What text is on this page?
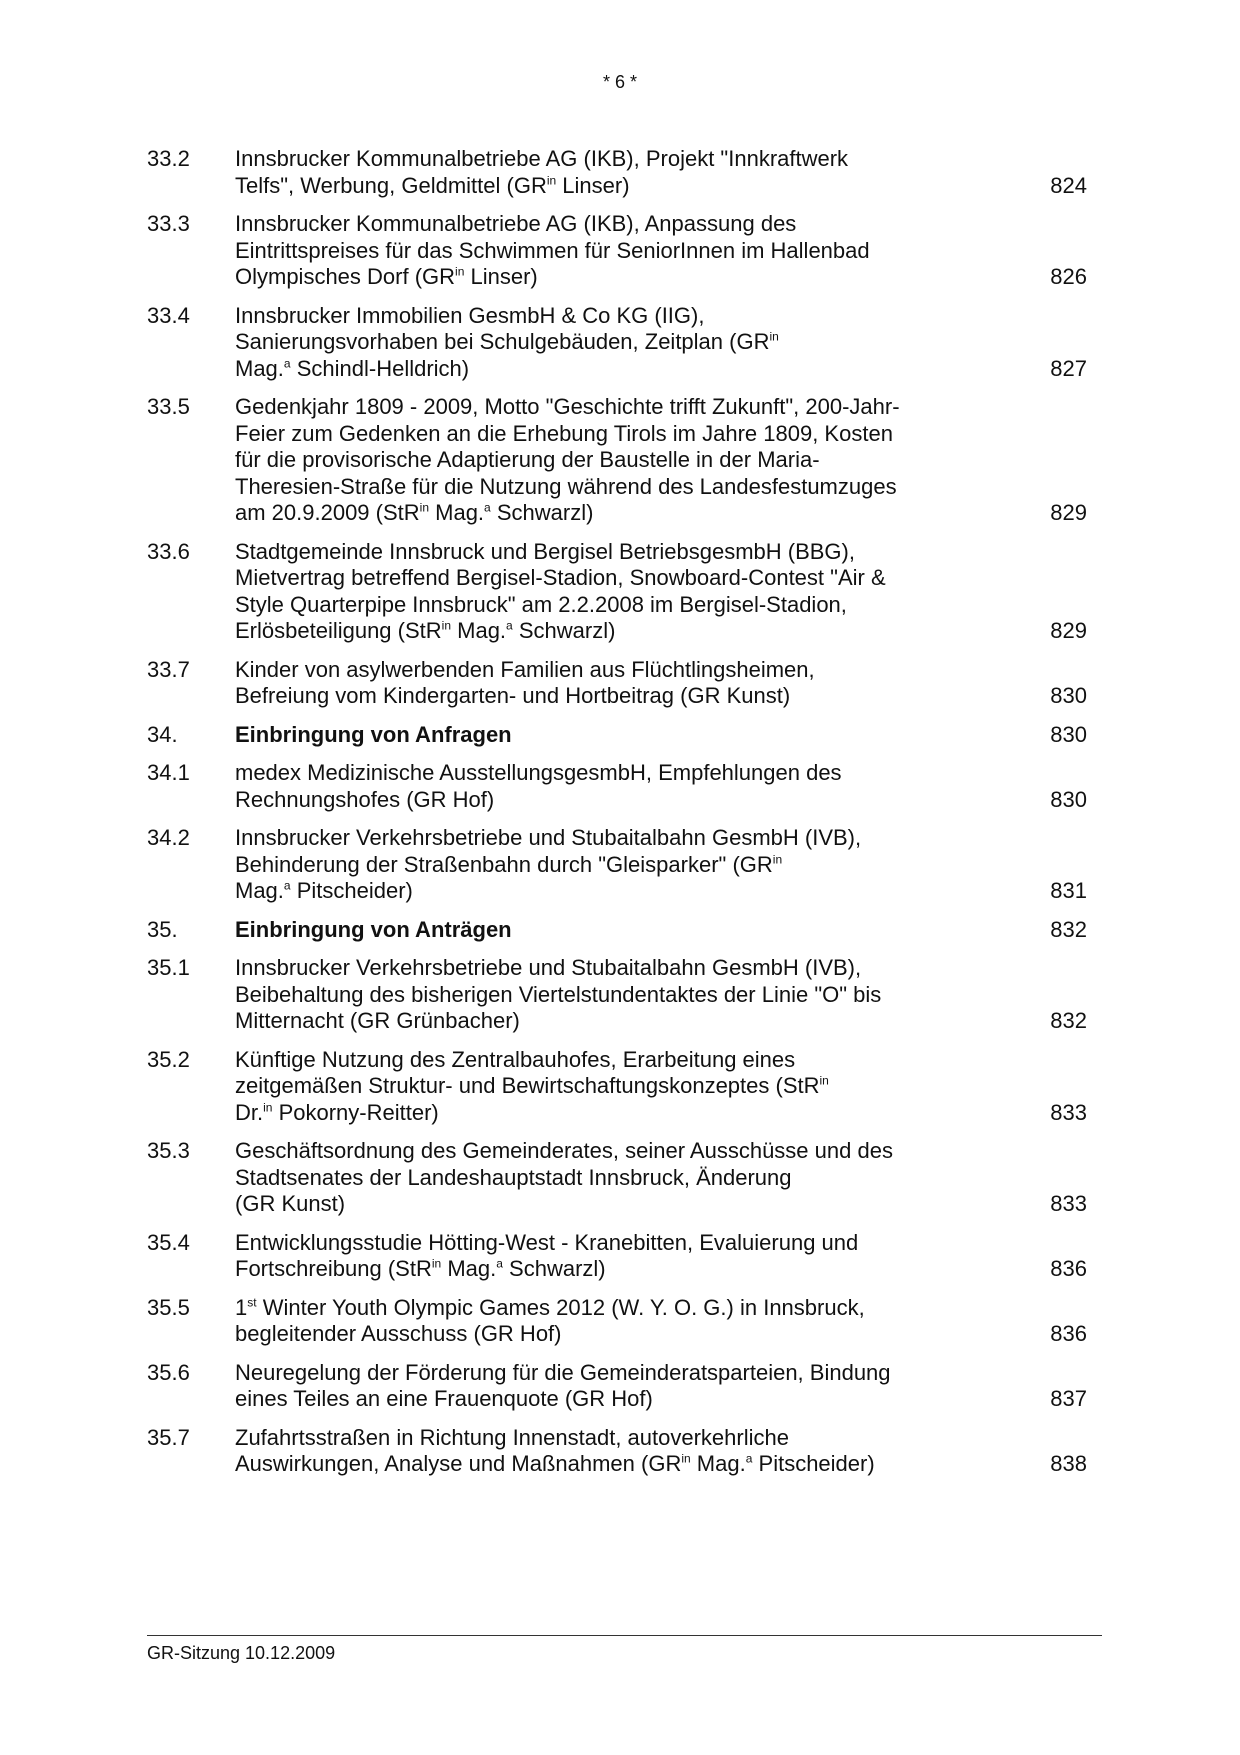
* 6 *
33.2	Innsbrucker Kommunalbetriebe AG (IKB), Projekt "Innkraftwerk
Telfs", Werbung, Geldmittel ($GR^{in}$ Linser)	824
33.3	Innsbrucker Kommunalbetriebe AG (IKB), Anpassung des
Eintrittspreises für das Schwimmen für SeniorInnen im Hallenbad
Olympisches Dorf ($GR^{in}$ Linser)	826
33.4	Innsbrucker Immobilien GesmbH & Co KG (IIG),
Sanierungsvorhaben bei Schulgebäuden, Zeitplan ($GR^{in}$
Mag.$^a$ Schindl-Helldrich)	827
33.5	Gedenkjahr 1809 - 2009, Motto "Geschichte trifft Zukunft", 200-Jahr-
Feier zum Gedenken an die Erhebung Tirols im Jahre 1809, Kosten
für die provisorische Adaptierung der Baustelle in der Maria-
Theresien-Straße für die Nutzung während des Landesfestumzuges
am 20.9.2009 (StR$^{in}$ Mag.$^a$ Schwarzl)	829
33.6	Stadtgemeinde Innsbruck und Bergisel BetriebsgesmbH (BBG),
Mietvertrag betreffend Bergisel-Stadion, Snowboard-Contest "Air &
Style Quarterpipe Innsbruck" am 2.2.2008 im Bergisel-Stadion,
Erlösbeteiligung (StR$^{in}$ Mag.$^a$ Schwarzl)	829
33.7	Kinder von asylwerbenden Familien aus Flüchtlingsheimen,
Befreiung vom Kindergarten- und Hortbeitrag (GR Kunst)	830
34.	Einbringung von Anfragen	830
34.1	medex Medizinische AusstellungsgesmbH, Empfehlungen des
Rechnungshofes (GR Hof)	830
34.2	Innsbrucker Verkehrsbetriebe und Stubaitalbahn GesmbH (IVB),
Behinderung der Straßenbahn durch "Gleisparker" ($GR^{in}$
Mag.$^a$ Pitscheider)	831
35.	Einbringung von Anträgen	832
35.1	Innsbrucker Verkehrsbetriebe und Stubaitalbahn GesmbH (IVB),
Beibehaltung des bisherigen Viertelstundentaktes der Linie "O" bis
Mitternacht (GR Grünbacher)	832
35.2	Künftige Nutzung des Zentralbauhofes, Erarbeitung eines
zeitgemäßen Struktur- und Bewirtschaftungskonzeptes (StR$^{in}$
Dr.$^{in}$ Pokorny-Reitter)	833
35.3	Geschäftsordnung des Gemeinderates, seiner Ausschüsse und des
Stadtsenates der Landeshauptstadt Innsbruck, Änderung
(GR Kunst)	833
35.4	Entwicklungsstudie Hötting-West - Kranebitten, Evaluierung und
Fortschreibung (StR$^{in}$ Mag.$^a$ Schwarzl)	836
35.5	1st Winter Youth Olympic Games 2012 (W. Y. O. G.) in Innsbruck,
begleitender Ausschuss (GR Hof)	836
35.6	Neuregelung der Förderung für die Gemeinderatsparteien, Bindung
eines Teiles an eine Frauenquote (GR Hof)	837
35.7	Zufahrtsstraßen in Richtung Innenstadt, autoverkehrliche
Auswirkungen, Analyse und Maßnahmen ($GR^{in}$ Mag.$^a$ Pitscheider)	838
GR-Sitzung 10.12.2009
